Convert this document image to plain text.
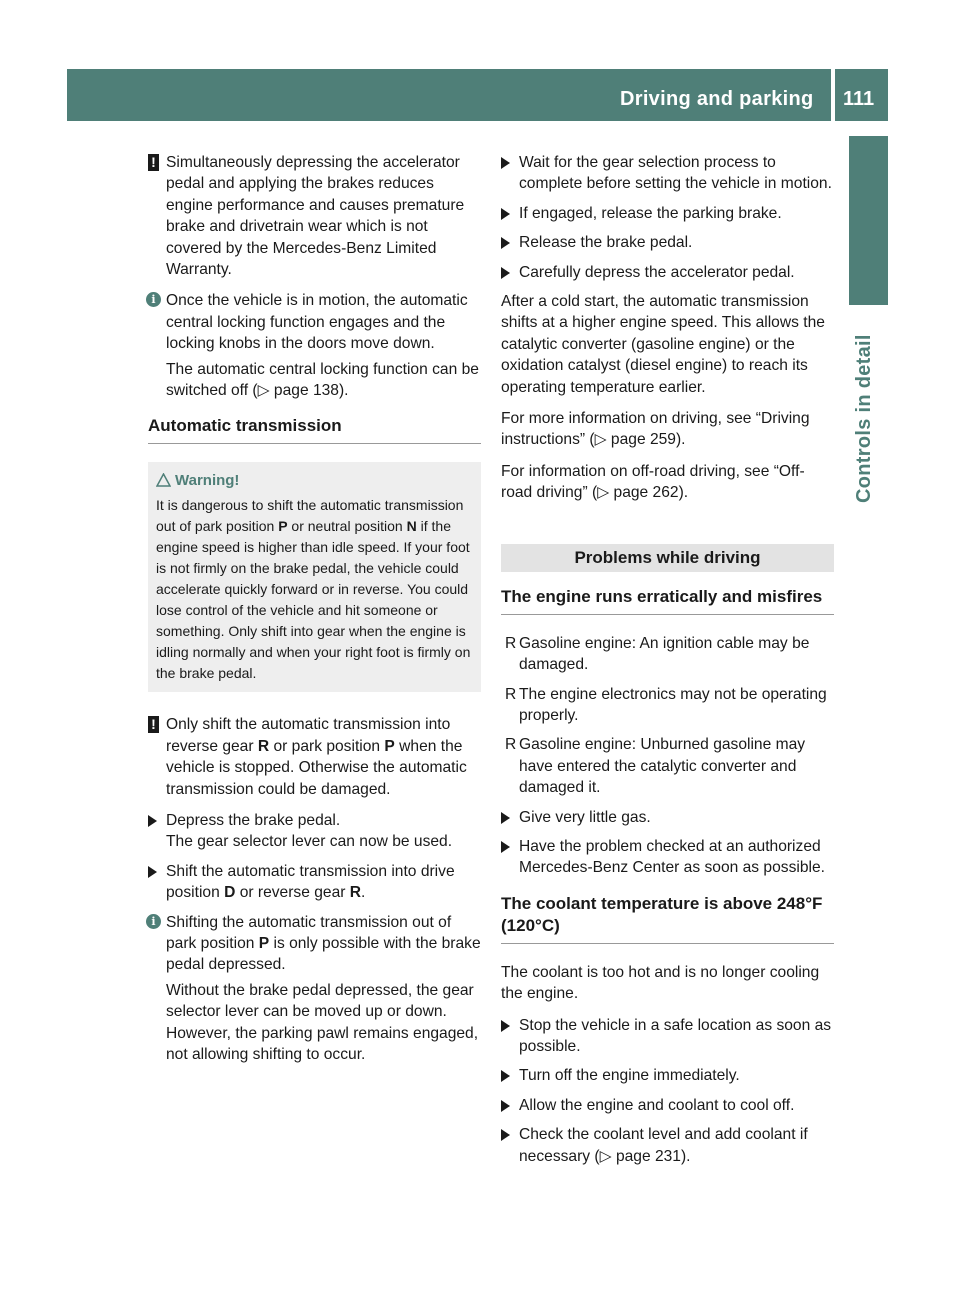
Driving and parking 111
Controls in detail
! Simultaneously depressing the accelerator pedal and applying the brakes reduces engine performance and causes premature brake and drivetrain wear which is not covered by the Mercedes-Benz Limited Warranty.
i Once the vehicle is in motion, the automatic central locking function engages and the locking knobs in the doors move down.
The automatic central locking function can be switched off (▷ page 138).
Automatic transmission
Warning!
It is dangerous to shift the automatic transmission out of park position P or neutral position N if the engine speed is higher than idle speed. If your foot is not firmly on the brake pedal, the vehicle could accelerate quickly forward or in reverse. You could lose control of the vehicle and hit someone or something. Only shift into gear when the engine is idling normally and when your right foot is firmly on the brake pedal.
! Only shift the automatic transmission into reverse gear R or park position P when the vehicle is stopped. Otherwise the automatic transmission could be damaged.
Depress the brake pedal.
The gear selector lever can now be used.
Shift the automatic transmission into drive position D or reverse gear R.
i Shifting the automatic transmission out of park position P is only possible with the brake pedal depressed.
Without the brake pedal depressed, the gear selector lever can be moved up or down. However, the parking pawl remains engaged, not allowing shifting to occur.
Wait for the gear selection process to complete before setting the vehicle in motion.
If engaged, release the parking brake.
Release the brake pedal.
Carefully depress the accelerator pedal.

After a cold start, the automatic transmission shifts at a higher engine speed. This allows the catalytic converter (gasoline engine) or the oxidation catalyst (diesel engine) to reach its operating temperature earlier.

For more information on driving, see “Driving instructions” (▷ page 259).

For information on off-road driving, see “Off-road driving” (▷ page 262).

Problems while driving
The engine runs erratically and misfires
R Gasoline engine: An ignition cable may be damaged.
R The engine electronics may not be operating properly.
R Gasoline engine: Unburned gasoline may have entered the catalytic converter and damaged it.
Give very little gas.
Have the problem checked at an authorized Mercedes-Benz Center as soon as possible.
The coolant temperature is above 248°F (120°C)

The coolant is too hot and is no longer cooling the engine.

Stop the vehicle in a safe location as soon as possible.
Turn off the engine immediately.
Allow the engine and coolant to cool off.
Check the coolant level and add coolant if necessary (▷ page 231).
